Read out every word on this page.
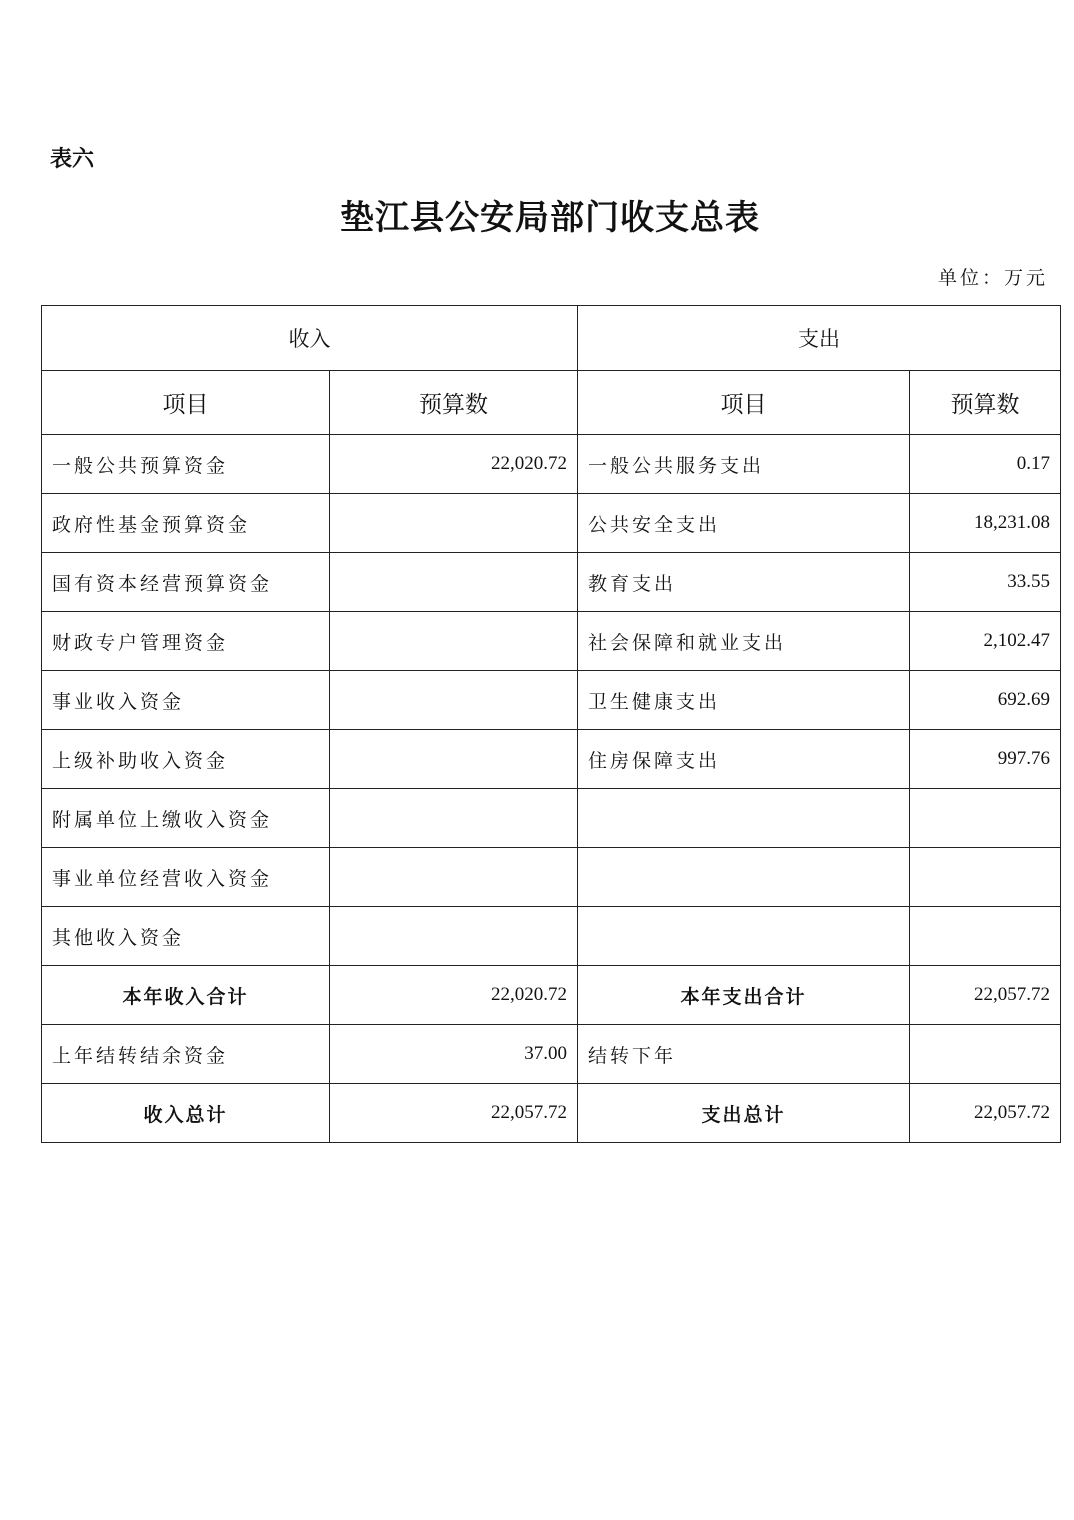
表六
垫江县公安局部门收支总表
单位：万元
收入		支出	
项目	预算数	项目	预算数
一般公共预算资金	22,020.72	一般公共服务支出	0.17
政府性基金预算资金		公共安全支出	18,231.08
国有资本经营预算资金		教育支出	33.55
财政专户管理资金		社会保障和就业支出	2,102.47
事业收入资金		卫生健康支出	692.69
上级补助收入资金		住房保障支出	997.76
附属单位上缴收入资金			
事业单位经营收入资金			
其他收入资金			
本年收入合计	22,020.72	本年支出合计	22,057.72
上年结转结余资金	37.00	结转下年	
收入总计	22,057.72	支出总计	22,057.72
